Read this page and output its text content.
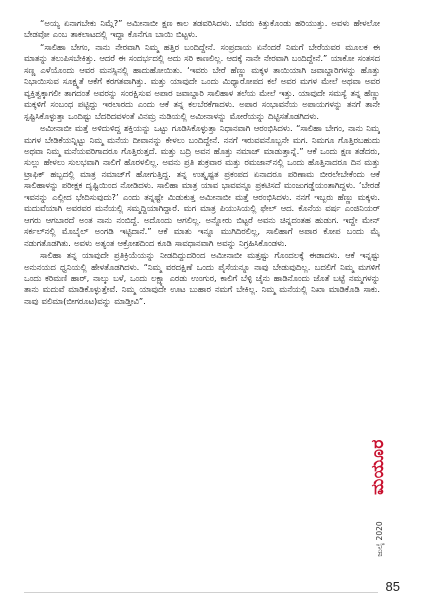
“ಅಯ್ಯ ಏನಾಗಬೇಕು ನಿಮ್ಗೆ?” ಅಮೀನಾಬೀ ಕ್ಷಣ ಕಾಲ ತಡವರಿಸಿದಳು. ಬೆವರು ಕಿತ್ತುಕೊಂಡು ಹರಿಯುತ್ತು. ಅವಳು ಹೇಳಲೋ ಬೇಡವೋ ಎಂಬ ತಾಕಲಾಟದಲ್ಲಿ ಇದ್ದಾ ಕೊನೆಗೂ ಬಾಯಿ ಬಿಟ್ಟಳು.

“ಸಾಲಿಹಾ ಬೇಗಂ, ನಾನು ನೇರವಾಗಿ ನಿಮ್ಮ ಹತ್ತಿರ ಬಂದಿದ್ದೇನೆ. ಸಂಪ್ರದಾಯ ಏನೆಂದರೆ ನಿಮಗೆ ಬೇರೆಯವರ ಮೂಲಕ ಈ ಮಾತನ್ನು ತಲುಪಿಸಬೇಕಿತ್ತು. ಆದರೆ ಈ ಸಂದರ್ಭದಲ್ಲಿ ಅದು ಸರಿ ಕಾಣಲಿಲ್ಲ. ಆದಕ್ಕೆ ನಾನೇ ನೇರವಾಗಿ ಬಂದಿದ್ದೇನೆ.” ಯಾಕೋ ಸಂತಸದ ಸಣ್ಣ ಎಳೆಯೊಂದು ಆವರ ಮನಸ್ಸಿನಲ್ಲಿ ಹಾದುಹೋಯಿತು. ‘ಇವರು ಬೇರೆ ಹೆಣ್ಣು ಮಕ್ಕಳ ತಾಯಿಯಾಗಿ ಜವಾಬ್ದಾರಿಗಳನ್ನು ಹೊತ್ತು ನಿಭಾಯಿಸುವ ಸೂಕ್ಷ್ಮತೆ ಆಕೆಗೆ ಕರಗತವಾಗಿತ್ತು. ಮತ್ತು ಯಾವುದೇ ಒಂದು ಮಿಥ್ಯಾರೋಪದ ಕಲೆ ಅವರ ಮಗಳ ಮೇಲೆ ಅಥವಾ ಅವರ ವ್ಯಕ್ತಿತ್ವಕ್ಕಾಗಲೀ ತಾಗದಂತೆ ಅವರನ್ನು ಸಂರಕ್ಷಿಸುವ ಅಪಾರ ಜವಾಬ್ದಾರಿ ಸಾಲಿಹಾಳ ತಲೆಯ ಮೇಲೆ ಇತ್ತು. ಯಾವುದೇ ಸಮಸ್ಯೆ ತನ್ನ ಹೆಣ್ಣು ಮಕ್ಕಳಿಗೆ ಸಂಬಂಧ ಪಟ್ಟಿದ್ದು ಇರಲಾರದು ಎಂದು ಆಕೆ ತನ್ನ ಕಲಬೆರಕೆಗಾದಳು. ಅಪಾರ ಸಂಭಾವನೆಯ ಅಪಾಯಗಳನ್ನು ತನಗೆ ತಾನೇ ಸ್ಪಷ್ಟಿಸಿಕೊಳ್ಳುತ್ತಾ ಒಂದಿಷ್ಟು ಬೆದರಿದವಳಂತೆ ವಿನಮ್ರ ನುಡಿಯಲ್ಲಿ ಅಮೀನಾಳನ್ನು ಮೋರೆಯನ್ನು ದಿಟ್ಟಿಸತೊಡಗಿದಳು.

ಅಮೀನಾಬೀ ಮತ್ತೆ ಅಳಿದುಳಿದ್ದ ಶಕ್ತಿಯನ್ನು ಒಟ್ಟು ಗೂಡಿಸಿಕೊಳ್ಳುತ್ತಾ ನಿಧಾನವಾಗಿ ಆರಂಭಿಸಿದಳು. “ಸಾಲಿಹಾ ಬೇಗಂ, ನಾನು ನಿಮ್ಮ ಮಗಳ ಬೇಡಿಕೆಯನ್ನಿಟ್ಟು ನಿಮ್ಮ ಮನೆಯ ದೀವಾನನ್ನು ಕೇಳಲು ಬಂದಿದ್ದೇನೆ. ನನಗೆ ಇರುವವನೊಬ್ಬನೇ ಮಗ. ನಿಮಗೂ ಗೊತ್ತಿರಬಹುದು ಅಥವಾ ನಿಮ್ಮ ಮನೆಯವರಿಗಾದರೂ ಗೊತ್ತಿರುತ್ತದೆ. ಮತ್ತು ಬದ್ರಿ ಅವನ ಹೊತ್ತು ನಮಾಜ್ ಮಾಡುತ್ತಾನ್ನೆ.” ಆಕೆ ಒಂದು ಕ್ಷಣ ತಡೆದರು, ಸುಲ್ಲು ಹೇಳಲು ಸುಲಭವಾಗಿ ನಾಲಿಗೆ ಹೊರಳಲಿಲ್ಲ. ಅವನು ಪ್ರತಿ ಶುಕ್ರವಾರ ಮತ್ತು ರಮಜಾನ್‌ನಲ್ಲಿ ಒಂದು ಹೊತ್ತಿನಾದರೂ ದಿನ ಮತ್ತು ಟ್ರಾಫಿಕ್ ಹಬ್ಬದಲ್ಲಿ ಮಾತ್ರ ನಮಾಜ್‌ಗೆ ಹೋಗುತ್ತಿದ್ದ. ತನ್ನ ಉತ್ಕೃಷ್ಟತ ಪ್ರಕಂಪದ ಏನಾದರೂ ಪರಿಣಾಮ ಬೀರಲೇಬೇಕೆಂದು ಆಕೆ ಸಾಲಿಹಾಳನ್ನು ಪರೀಕ್ಷಕ ದೃಷ್ಟಿಯಿಂದ ನೋಡಿದಳು. ಸಾಲಿಹಾ ಮಾತ್ರ ಯಾವ ಭಾವವನ್ನೂ ಪ್ರಕಟಿಸದೆ ಮಂಜುಗಡ್ಡೆಯಂತಾಗಿದ್ದಳು. ‘ಬೇರಡೆ ಇವನನ್ನು ಎಲ್ಲೀದ ಭೇದಿಸುವುದು?’ ಎಂದು ತನ್ನಷ್ಟೇ ಮಿಡುಕುತ್ತ ಅಮೀನಾಬೀ ಮತ್ತೆ ಆರಂಭಿಸಿದಳು. ನನಗೆ ಇಬ್ಬರು ಹೆಣ್ಣು ಮಕ್ಕಳು. ಮದುವೆಯಾಗಿ ಅವರವರ ಮನೆಯಲ್ಲಿ ಸಮ್ಮದ್ದಿಯಾಗಿದ್ದಾರೆ. ಮಗ ಮಾತ್ರ ಪಿಯುಸಿಯಲ್ಲಿ ಫೇಲ್ ಆದ. ಕೊನೆಯ ವರ್ಷ ಎಂಜಿನಿಯರ್ ಆಗರು ಆಗಬಾರದೆ ಅಂತ ನಾನು ನಂಬಿದ್ದೆ. ಅದೊಂದು ಆಗಲಿಲ್ಲ. ಅನ್ನೋರು ಬಿಟ್ಟರೆ ಅವನು ಚಿನ್ನದಂತಹ ಹುಡುಗ. ಇದ್ದೇ ಮೇನ್ ಸರ್ಕಲ್‌ನಲ್ಲಿ ಮೊಬೈಲ್ ಅಂಗಡಿ ಇಟ್ಟಿದಾನೆ.” ಆಕೆ ಮಾತು ಇನ್ನೂ ಮುಗಿದಿರಲಿಲ್ಲ, ಸಾಲಿಹಾಗೆ ಅಪಾರ ಕೋಪ ಬಂದು ಮೈ ನಡುಗತೊಡಗಿತು. ಅವಳು ಅತ್ಯಂತ ಆಕ್ರೋಶದಿಂದ ಕೂಡಿ ಸಾವಧಾನವಾಗಿ ಅವನ್ನು ನಿಗ್ರಹಿಸಿಕೊಂಡಳು.

ಸಾಲಿಹಾ ತನ್ನ ಯಾವುದೇ ಪ್ರತಿಕ್ರಿಯೆಯನ್ನು ನೀಡದಿದ್ದುದರಿಂದ ಅಮೀನಾಬೀ ಮತ್ತಷ್ಟು ಗೊಂದಲಕ್ಕೆ ಈಡಾದಳು. ಆಕೆ ಇನ್ನಷ್ಟು ಅನುನಯದ ಧ್ವನಿಯಲ್ಲಿ ಹೇಳತೊಡಗಿದಳು. “ನಿಮ್ಮ ವರದಕ್ಷಿಣೆ ಒಂದು ಪೈಸೆಯನ್ನೂ ನಾವು ಬೇಡುವುದಿಲ್ಲ. ಬದಲಿಗೆ ನಿಮ್ಮ ಮಗಳಿಗೆ ಒಂದು ಕರಿಮಣಿ ಹಾರ್, ನಾಲ್ಕು ಬಳೆ, ಒಂದು ಲಕ್ಷ್ಯಾ ಎರಡು ಉಂಗುರ, ಕಾಲಿಗೆ ಬೆಳ್ಳಿ ಚೈನು ಹಾಡಿನೊಂದು ಜೊತೆ ಬಟ್ಟೆ ನಮ್ಮಗಳನ್ನು ತಾನು ಮದುವೆ ಮಾಡಿಕೊಳ್ಳುತ್ತೇವೆ. ನಿಮ್ಮ ಯಾವುದೇ ಊಟ ಬುಹಾರ ನಮಗೆ ಬೇಕಿಲ್ಲ. ನಿಮ್ಮ ಮನೆಯಲ್ಲಿ ನಿಖಾ ಮಾಡಿಕೊಡಿ ಸಾಕು. ನಾವು ವಲಿಮಾ(ಬೀಗರೂಟ)ವನ್ನು ಮಾಡ್ತೀವಿ”.

ಮಯೂರ
ಜುಲೈ 2020
85
